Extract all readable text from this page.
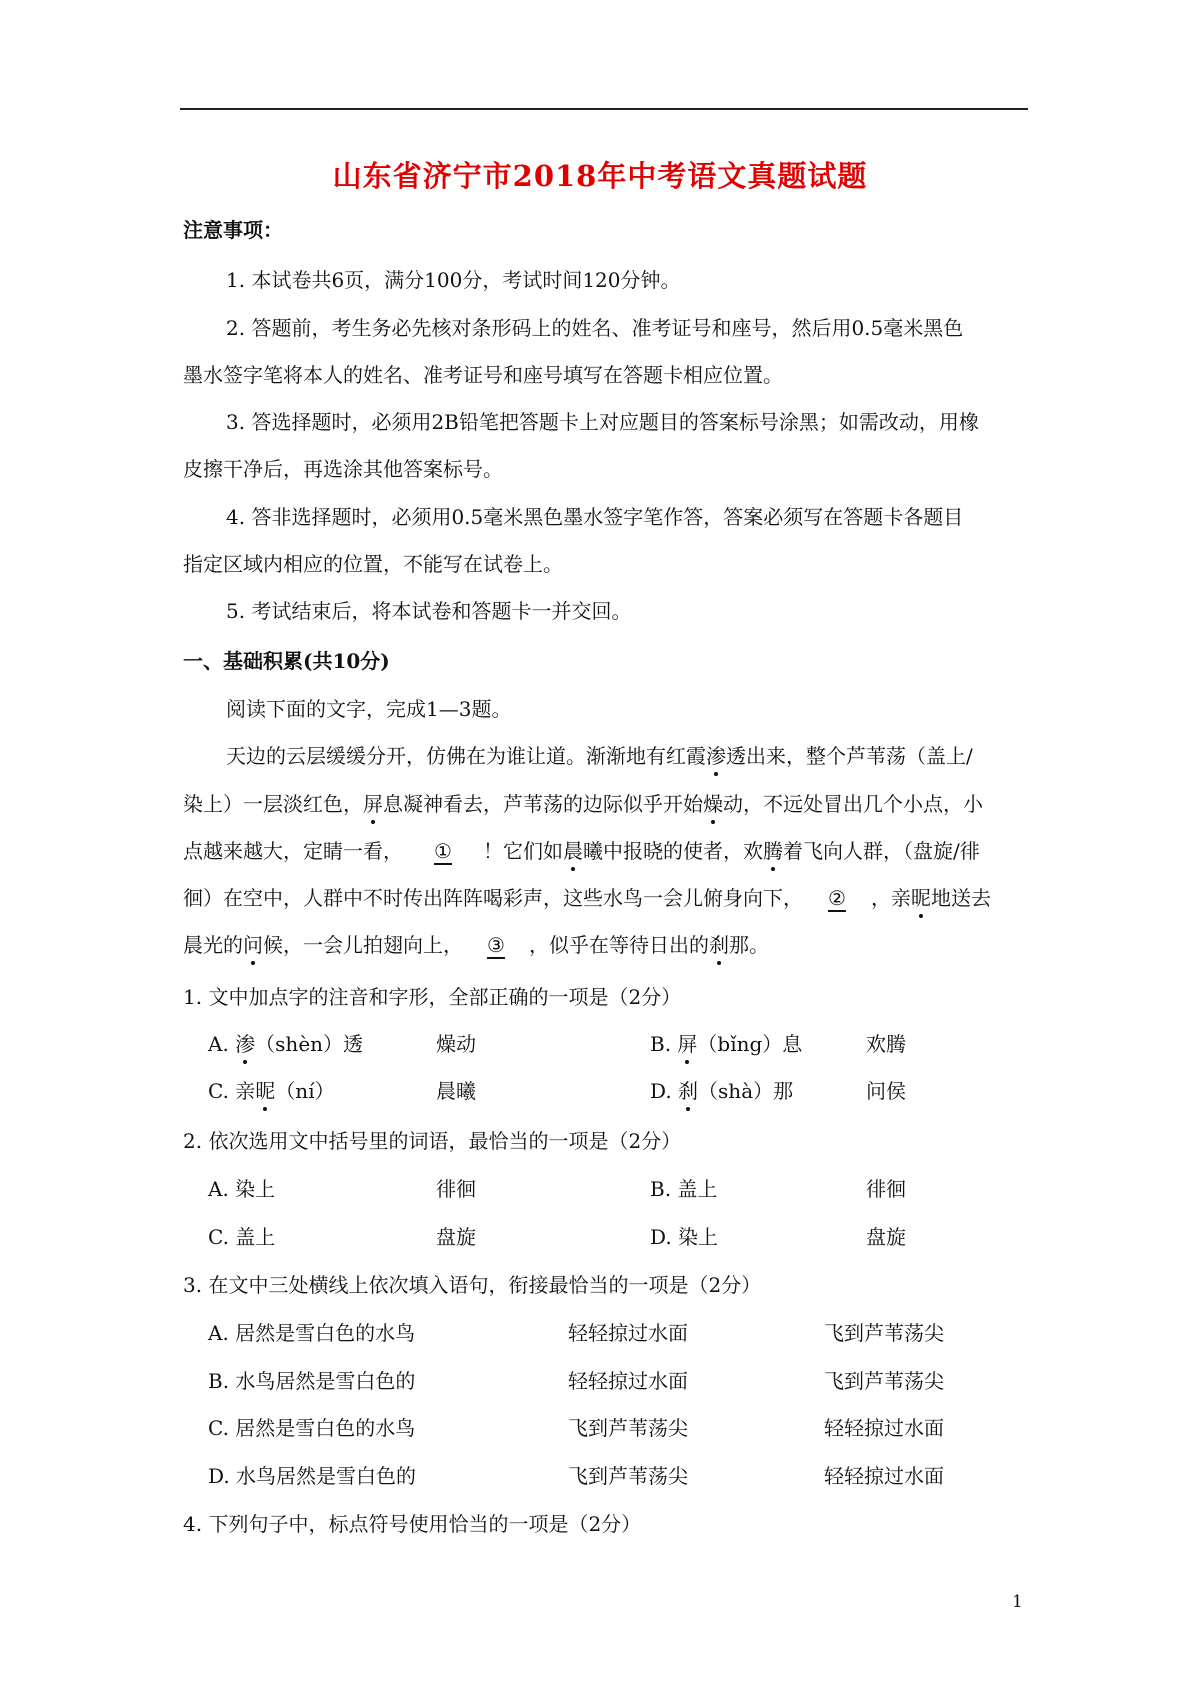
山东省济宁市2018年中考语文真题试题
注意事项：
1. 本试卷共6页，满分100分，考试时间120分钟。
2. 答题前，考生务必先核对条形码上的姓名、准考证号和座号，然后用0.5毫米黑色
墨水签字笔将本人的姓名、准考证号和座号填写在答题卡相应位置。
3. 答选择题时，必须用2B铅笔把答题卡上对应题目的答案标号涂黑；如需改动，用橡
皮擦干净后，再选涂其他答案标号。
4. 答非选择题时，必须用0.5毫米黑色墨水签字笔作答，答案必须写在答题卡各题目
指定区域内相应的位置，不能写在试卷上。
5. 考试结束后，将本试卷和答题卡一并交回。
一、基础积累(共10分)
阅读下面的文字，完成1—3题。
天边的云层缓缓分开，仿佛在为谁让道。渐渐地有红霞渗透出来，整个芦苇荡（盖上/
染上）一层淡红色，屏息凝神看去，芦苇荡的边际似乎开始燥动，不远处冒出几个小点，小
点越来越大，定睛一看， ① ！它们如晨曦中报晓的使者，欢腾着飞向人群，（盘旋/徘
徊）在空中，人群中不时传出阵阵喝彩声，这些水鸟一会儿俯身向下， ② ，亲昵地送去
晨光的问候，一会儿拍翅向上， ③ ，似乎在等待日出的刹那。
1. 文中加点字的注音和字形，全部正确的一项是（2分）
A. 渗（shèn）透	燥动	B. 屏（bǐng）息	欢腾
C. 亲昵（ní）	晨曦	D. 刹（shà）那	问侯
2. 依次选用文中括号里的词语，最恰当的一项是（2分）
A. 染上	徘徊	B. 盖上	徘徊
C. 盖上	盘旋	D. 染上	盘旋
3. 在文中三处横线上依次填入语句，衔接最恰当的一项是（2分）
A. 居然是雪白色的水鸟	轻轻掠过水面	飞到芦苇荡尖
B. 水鸟居然是雪白色的	轻轻掠过水面	飞到芦苇荡尖
C. 居然是雪白色的水鸟	飞到芦苇荡尖	轻轻掠过水面
D. 水鸟居然是雪白色的	飞到芦苇荡尖	轻轻掠过水面
4. 下列句子中，标点符号使用恰当的一项是（2分）
1
